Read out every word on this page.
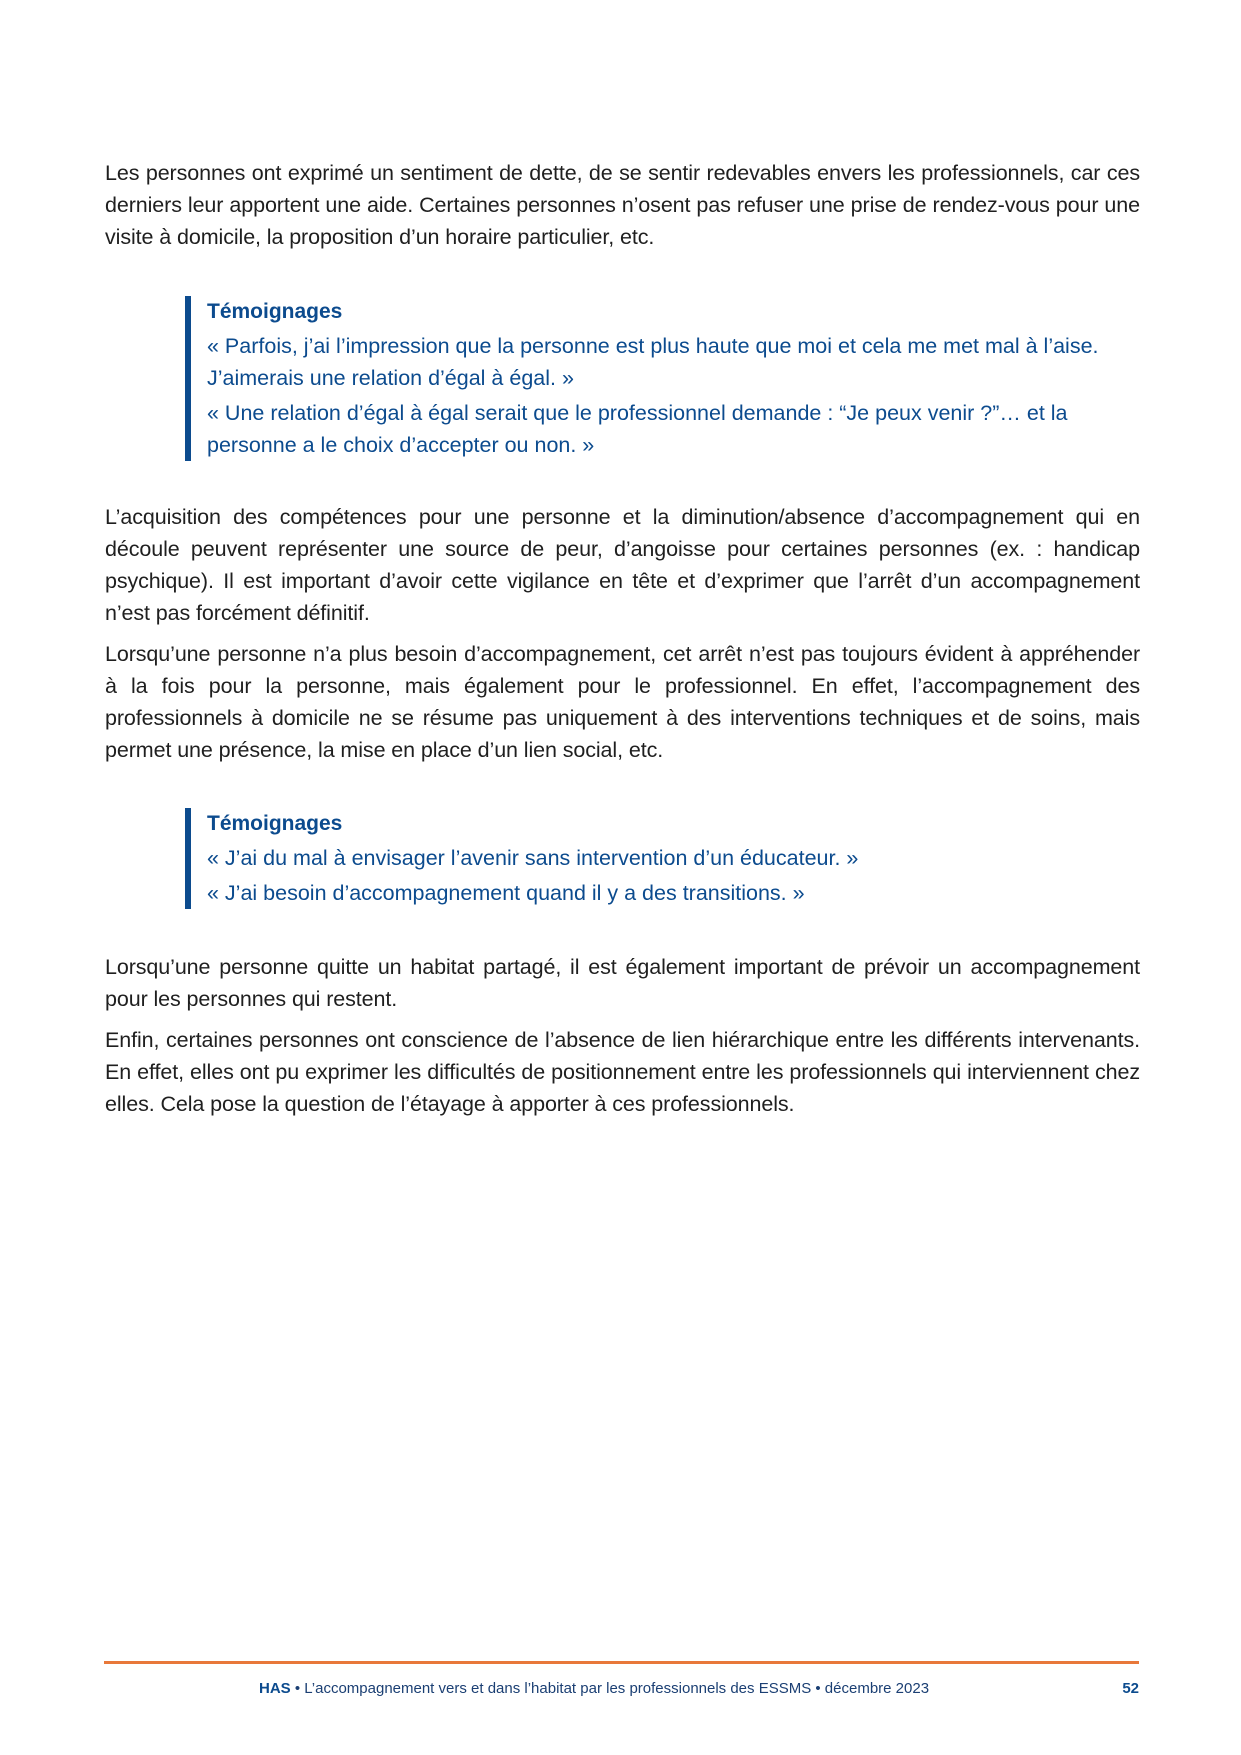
Les personnes ont exprimé un sentiment de dette, de se sentir redevables envers les professionnels, car ces derniers leur apportent une aide. Certaines personnes n’osent pas refuser une prise de rendez-vous pour une visite à domicile, la proposition d’un horaire particulier, etc.

Témoignages
« Parfois, j’ai l’impression que la personne est plus haute que moi et cela me met mal à l’aise. J’aimerais une relation d’égal à égal. »
« Une relation d’égal à égal serait que le professionnel demande : “Je peux venir ?”… et la personne a le choix d’accepter ou non. »

L’acquisition des compétences pour une personne et la diminution/absence d’accompagnement qui en découle peuvent représenter une source de peur, d’angoisse pour certaines personnes (ex. : handicap psychique). Il est important d’avoir cette vigilance en tête et d’exprimer que l’arrêt d’un accompagnement n’est pas forcément définitif.

Lorsqu’une personne n’a plus besoin d’accompagnement, cet arrêt n’est pas toujours évident à appréhender à la fois pour la personne, mais également pour le professionnel. En effet, l’accompagnement des professionnels à domicile ne se résume pas uniquement à des interventions techniques et de soins, mais permet une présence, la mise en place d’un lien social, etc.

Témoignages
« J’ai du mal à envisager l’avenir sans intervention d’un éducateur. »
« J’ai besoin d’accompagnement quand il y a des transitions. »

Lorsqu’une personne quitte un habitat partagé, il est également important de prévoir un accompagnement pour les personnes qui restent.

Enfin, certaines personnes ont conscience de l’absence de lien hiérarchique entre les différents intervenants. En effet, elles ont pu exprimer les difficultés de positionnement entre les professionnels qui interviennent chez elles. Cela pose la question de l’étayage à apporter à ces professionnels.

HAS • L’accompagnement vers et dans l’habitat par les professionnels des ESSMS • décembre 2023	52
